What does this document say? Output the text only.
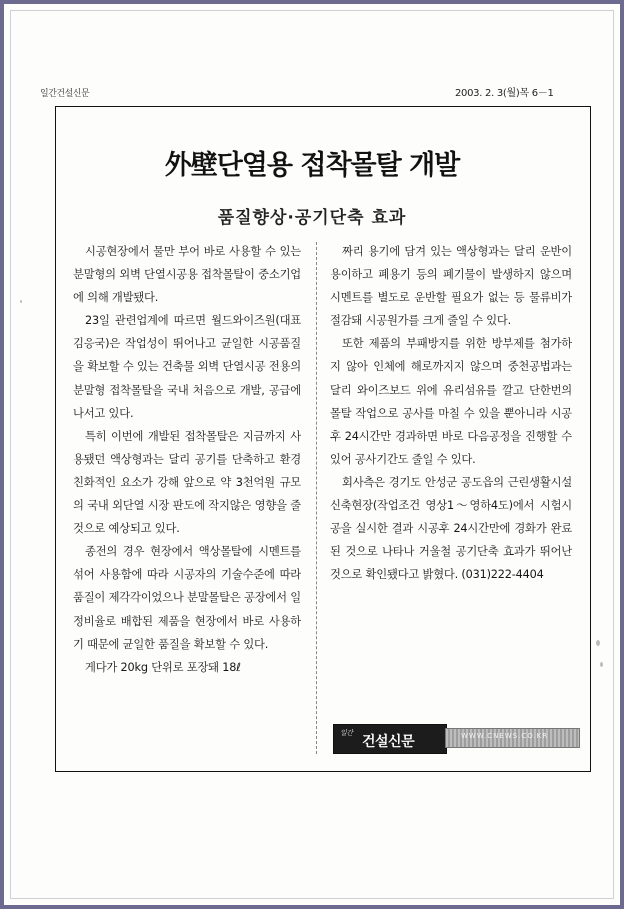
일간건설신문	2003. 2. 3(월)목 6－1
外壁단열용 접착몰탈 개발
품질향상·공기단축 효과

시공현장에서 물만 부어 바로 사용할 수 있는 분말형의 외벽 단열시공용 접착몰탈이 중소기업에 의해 개발됐다.

23일 관련업계에 따르면 월드와이즈원(대표 김응국)은 작업성이 뛰어나고 균일한 시공품질을 확보할 수 있는 건축물 외벽 단열시공 전용의 분말형 접착몰탈을 국내 처음으로 개발, 공급에 나서고 있다.

특히 이번에 개발된 접착몰탈은 지금까지 사용됐던 액상형과는 달리 공기를 단축하고 환경친화적인 요소가 강해 앞으로 약 3천억원 규모의 국내 외단열 시장 판도에 작지않은 영향을 줄 것으로 예상되고 있다.

종전의 경우 현장에서 액상몰탈에 시멘트를 섞어 사용함에 따라 시공자의 기술수준에 따라 품질이 제각각이었으나 분말몰탈은 공장에서 일정비율로 배합된 제품을 현장에서 바로 사용하기 때문에 균일한 품질을 확보할 수 있다.

게다가 20kg 단위로 포장돼 18ℓ

짜리 용기에 담겨 있는 액상형과는 달리 운반이 용이하고 폐용기 등의 폐기물이 발생하지 않으며 시멘트를 별도로 운반할 필요가 없는 등 물류비가 절감돼 시공원가를 크게 줄일 수 있다.

또한 제품의 부패방지를 위한 방부제를 첨가하지 않아 인체에 해로까지지 않으며 중천공법과는 달리 와이즈보드 위에 유리섬유를 깔고 단한번의 몰탈 작업으로 공사를 마칠 수 있을 뿐아니라 시공 후 24시간만 경과하면 바로 다음공정을 진행할 수 있어 공사기간도 줄일 수 있다.

회사측은 경기도 안성군 공도읍의 근린생활시설 신축현장(작업조건 영상1～영하4도)에서 시험시공을 실시한 결과 시공후 24시간만에 경화가 완료된 것으로 나타나 거울철 공기단축 효과가 뛰어난 것으로 확인됐다고 밝혔다. (031)222-4404

일간
건설신문	WWW.CNEWS.CO.KR
